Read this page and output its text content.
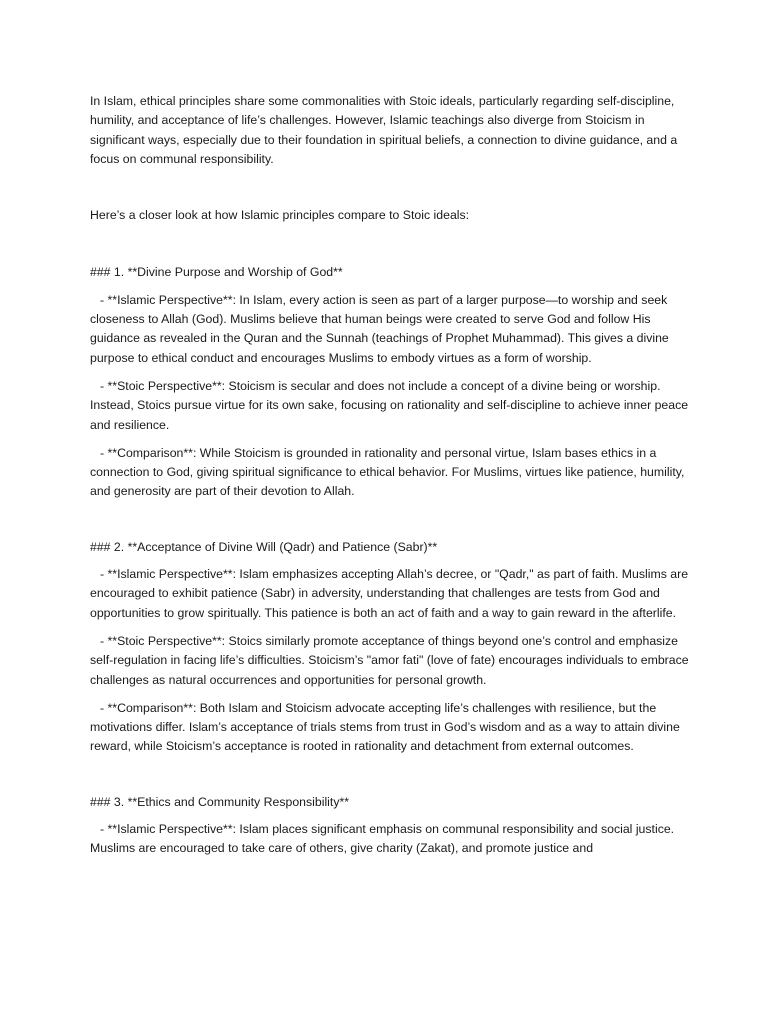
In Islam, ethical principles share some commonalities with Stoic ideals, particularly regarding self-discipline, humility, and acceptance of life’s challenges. However, Islamic teachings also diverge from Stoicism in significant ways, especially due to their foundation in spiritual beliefs, a connection to divine guidance, and a focus on communal responsibility.

Here’s a closer look at how Islamic principles compare to Stoic ideals:

### 1. **Divine Purpose and Worship of God**

- **Islamic Perspective**: In Islam, every action is seen as part of a larger purpose—to worship and seek closeness to Allah (God). Muslims believe that human beings were created to serve God and follow His guidance as revealed in the Quran and the Sunnah (teachings of Prophet Muhammad). This gives a divine purpose to ethical conduct and encourages Muslims to embody virtues as a form of worship.

- **Stoic Perspective**: Stoicism is secular and does not include a concept of a divine being or worship. Instead, Stoics pursue virtue for its own sake, focusing on rationality and self-discipline to achieve inner peace and resilience.

- **Comparison**: While Stoicism is grounded in rationality and personal virtue, Islam bases ethics in a connection to God, giving spiritual significance to ethical behavior. For Muslims, virtues like patience, humility, and generosity are part of their devotion to Allah.

### 2. **Acceptance of Divine Will (Qadr) and Patience (Sabr)**

- **Islamic Perspective**: Islam emphasizes accepting Allah’s decree, or "Qadr," as part of faith. Muslims are encouraged to exhibit patience (Sabr) in adversity, understanding that challenges are tests from God and opportunities to grow spiritually. This patience is both an act of faith and a way to gain reward in the afterlife.

- **Stoic Perspective**: Stoics similarly promote acceptance of things beyond one’s control and emphasize self-regulation in facing life’s difficulties. Stoicism’s "amor fati" (love of fate) encourages individuals to embrace challenges as natural occurrences and opportunities for personal growth.

- **Comparison**: Both Islam and Stoicism advocate accepting life’s challenges with resilience, but the motivations differ. Islam’s acceptance of trials stems from trust in God’s wisdom and as a way to attain divine reward, while Stoicism’s acceptance is rooted in rationality and detachment from external outcomes.

### 3. **Ethics and Community Responsibility**

- **Islamic Perspective**: Islam places significant emphasis on communal responsibility and social justice. Muslims are encouraged to take care of others, give charity (Zakat), and promote justice and
